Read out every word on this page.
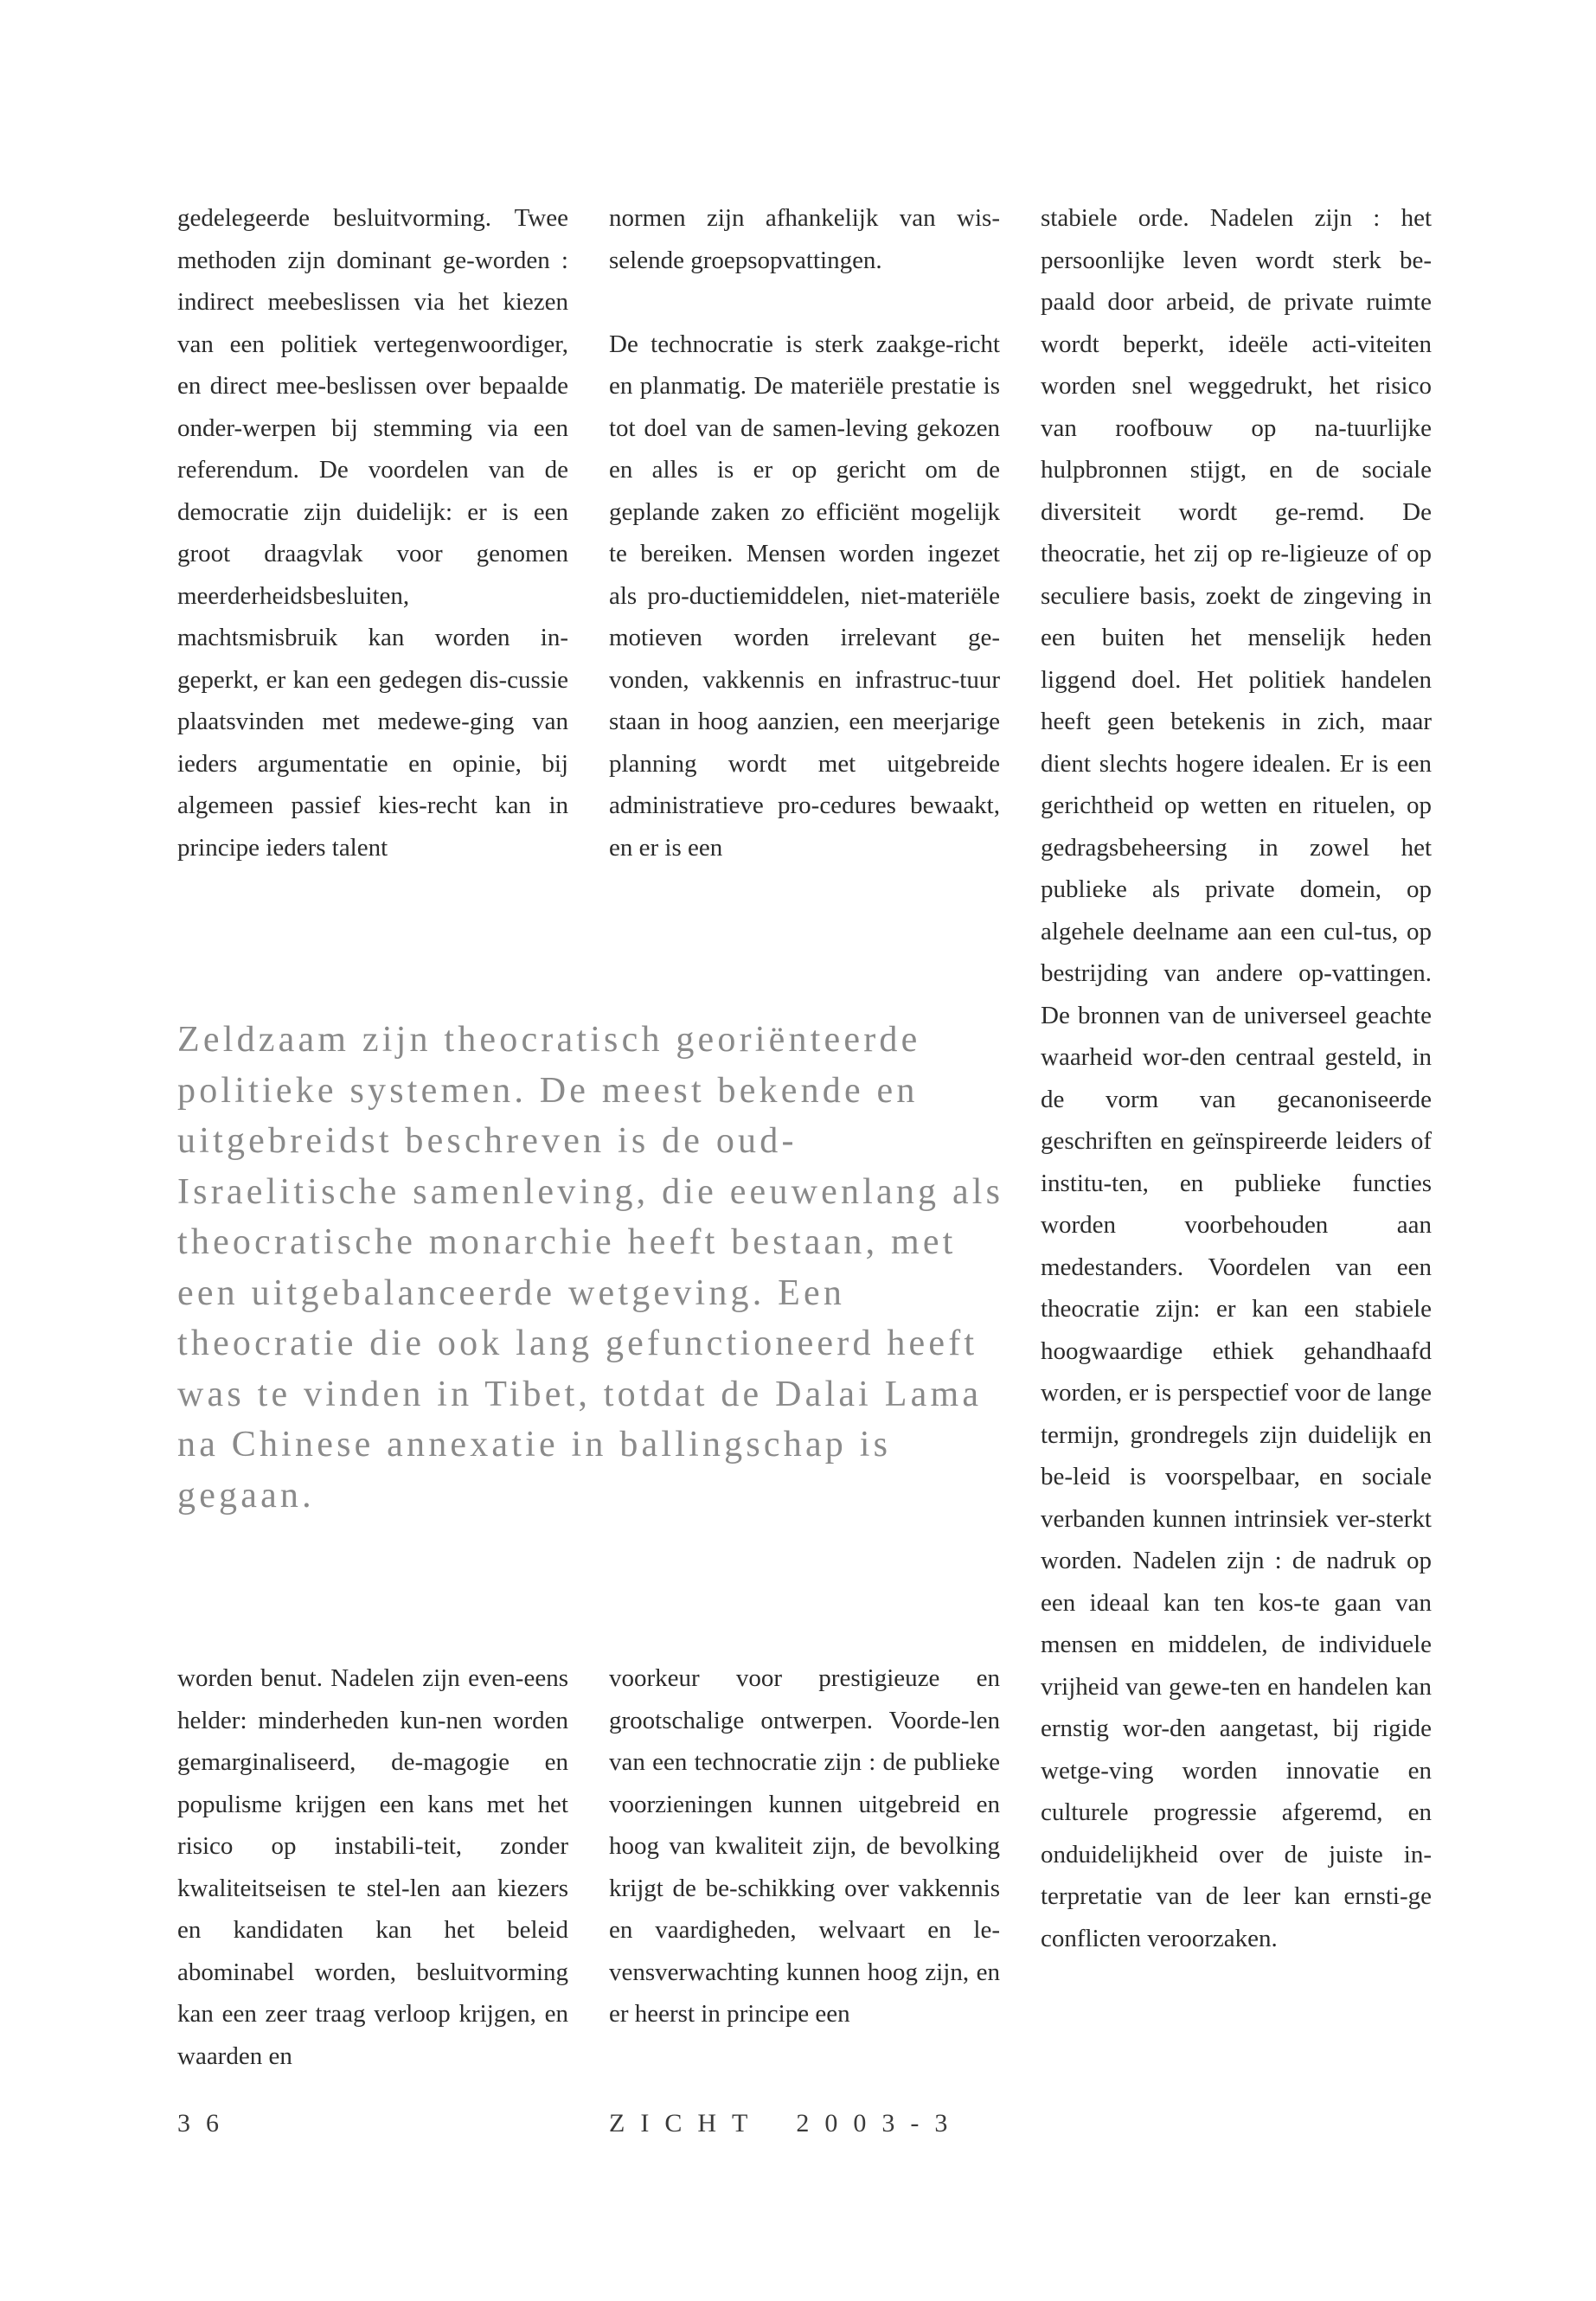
gedelegeerde besluitvorming. Twee methoden zijn dominant ge-worden : indirect meebeslissen via het kiezen van een politiek vertegenwoordiger, en direct mee-beslissen over bepaalde onder-werpen bij stemming via een referendum. De voordelen van de democratie zijn duidelijk: er is een groot draagvlak voor genomen meerderheidsbesluiten, machtsmisbruik kan worden in-geperkt, er kan een gedegen dis-cussie plaatsvinden met medewe-ging van ieders argumentatie en opinie, bij algemeen passief kies-recht kan in principe ieders talent

normen zijn afhankelijk van wis-selende groepsopvattingen.

De technocratie is sterk zaakge-richt en planmatig. De materiële prestatie is tot doel van de samen-leving gekozen en alles is er op gericht om de geplande zaken zo efficiënt mogelijk te bereiken. Mensen worden ingezet als pro-ductiemiddelen, niet-materiële motieven worden irrelevant ge-vonden, vakkennis en infrastruc-tuur staan in hoog aanzien, een meerjarige planning wordt met uitgebreide administratieve pro-cedures bewaakt, en er is een

stabiele orde. Nadelen zijn : het persoonlijke leven wordt sterk be-paald door arbeid, de private ruimte wordt beperkt, ideële acti-viteiten worden snel weggedrukt, het risico van roofbouw op na-tuurlijke hulpbronnen stijgt, en de sociale diversiteit wordt ge-remd. De theocratie, het zij op re-ligieuze of op seculiere basis, zoekt de zingeving in een buiten het menselijk heden liggend doel. Het politiek handelen heeft geen betekenis in zich, maar dient slechts hogere idealen. Er is een gerichtheid op wetten en rituelen, op gedragsbeheersing in zowel het publieke als private domein, op algehele deelname aan een cul-tus, op bestrijding van andere op-vattingen. De bronnen van de universeel geachte waarheid wor-den centraal gesteld, in de vorm van gecanoniseerde geschriften en geïnspireerde leiders of institu-ten, en publieke functies worden voorbehouden aan medestanders. Voordelen van een theocratie zijn: er kan een stabiele hoogwaardige ethiek gehandhaafd worden, er is perspectief voor de lange termijn, grondregels zijn duidelijk en be-leid is voorspelbaar, en sociale verbanden kunnen intrinsiek ver-sterkt worden. Nadelen zijn : de nadruk op een ideaal kan ten kos-te gaan van mensen en middelen, de individuele vrijheid van gewe-ten en handelen kan ernstig wor-den aangetast, bij rigide wetge-ving worden innovatie en culturele progressie afgeremd, en onduidelijkheid over de juiste in-terpretatie van de leer kan ernsti-ge conflicten veroorzaken.

Zeldzaam zijn theocratisch georiënteerde politieke systemen. De meest bekende en uitgebreidst beschreven is de oud-Israelitische samenleving, die eeuwenlang als theocratische monarchie heeft bestaan, met een uitgebalanceerde wetgeving. Een theocratie die ook lang gefunctioneerd heeft was te vinden in Tibet, totdat de Dalai Lama na Chinese annexatie in ballingschap is gegaan.

worden benut. Nadelen zijn even-eens helder: minderheden kun-nen worden gemarginaliseerd, de-magogie en populisme krijgen een kans met het risico op instabili-teit, zonder kwaliteitseisen te stel-len aan kiezers en kandidaten kan het beleid abominabel worden, besluitvorming kan een zeer traag verloop krijgen, en waarden en

voorkeur voor prestigieuze en grootschalige ontwerpen. Voorde-len van een technocratie zijn : de publieke voorzieningen kunnen uitgebreid en hoog van kwaliteit zijn, de bevolking krijgt de be-schikking over vakkennis en vaardigheden, welvaart en le-vensverwachting kunnen hoog zijn, en er heerst in principe een

36	ZICHT 2003-3
